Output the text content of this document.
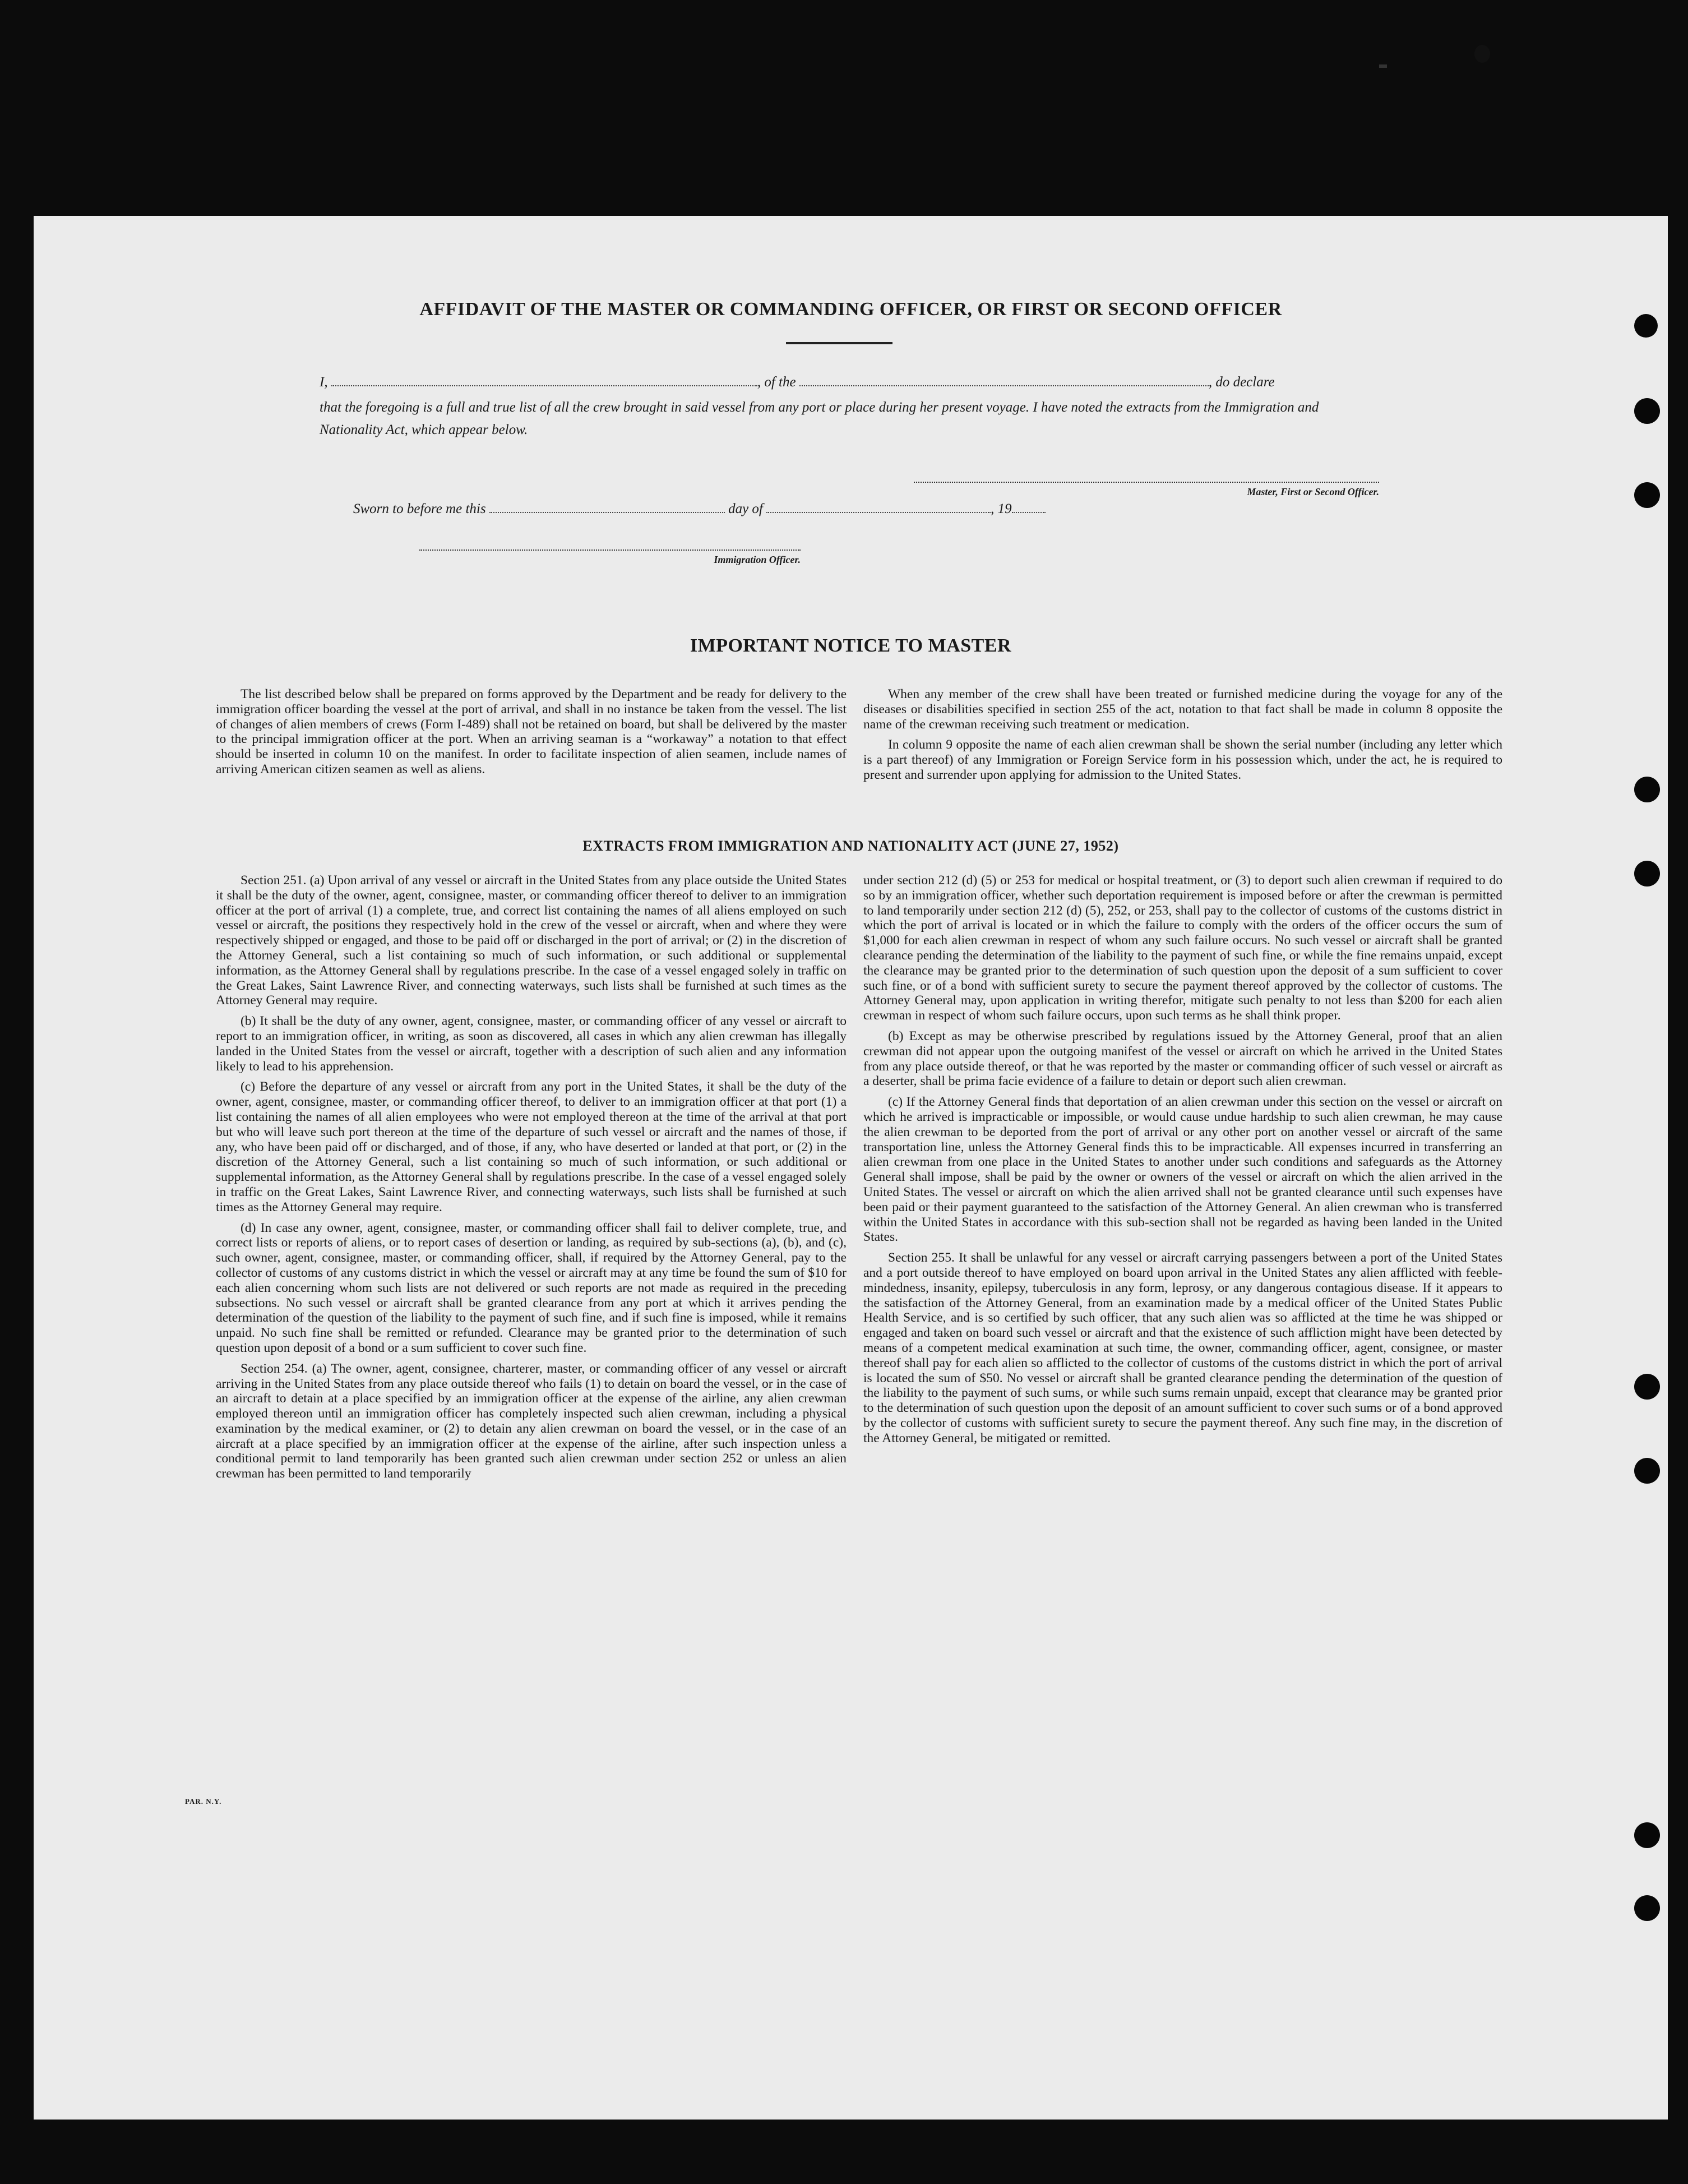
AFFIDAVIT OF THE MASTER OR COMMANDING OFFICER, OR FIRST OR SECOND OFFICER
I,	, of the	, do declare
that the foregoing is a full and true list of all the crew brought in said vessel from any port or place during her present voyage. I have noted the extracts from the Immigration and Nationality Act, which appear below.
Master, First or Second Officer.
Sworn to before me this	day of	, 19
Immigration Officer.
IMPORTANT NOTICE TO MASTER

The list described below shall be prepared on forms approved by the Department and be ready for delivery to the immigration officer boarding the vessel at the port of arrival, and shall in no instance be taken from the vessel. The list of changes of alien members of crews (Form I-489) shall not be retained on board, but shall be delivered by the master to the principal immigration officer at the port. When an arriving seaman is a “workaway” a notation to that effect should be inserted in column 10 on the manifest. In order to facilitate inspection of alien seamen, include names of arriving American citizen seamen as well as aliens.

When any member of the crew shall have been treated or furnished medicine during the voyage for any of the diseases or disabilities specified in section 255 of the act, notation to that fact shall be made in column 8 opposite the name of the crewman receiving such treatment or medication.

In column 9 opposite the name of each alien crewman shall be shown the serial number (including any letter which is a part thereof) of any Immigration or Foreign Service form in his possession which, under the act, he is required to present and surrender upon applying for admission to the United States.

EXTRACTS FROM IMMIGRATION AND NATIONALITY ACT (JUNE 27, 1952)

Section 251. (a) Upon arrival of any vessel or aircraft in the United States from any place outside the United States it shall be the duty of the owner, agent, consignee, master, or commanding officer thereof to deliver to an immigration officer at the port of arrival (1) a complete, true, and correct list containing the names of all aliens employed on such vessel or aircraft, the positions they respectively hold in the crew of the vessel or aircraft, when and where they were respectively shipped or engaged, and those to be paid off or discharged in the port of arrival; or (2) in the discretion of the Attorney General, such a list containing so much of such information, or such additional or supplemental information, as the Attorney General shall by regulations prescribe. In the case of a vessel engaged solely in traffic on the Great Lakes, Saint Lawrence River, and connecting waterways, such lists shall be furnished at such times as the Attorney General may require.

(b) It shall be the duty of any owner, agent, consignee, master, or commanding officer of any vessel or aircraft to report to an immigration officer, in writing, as soon as discovered, all cases in which any alien crewman has illegally landed in the United States from the vessel or aircraft, together with a description of such alien and any information likely to lead to his apprehension.

(c) Before the departure of any vessel or aircraft from any port in the United States, it shall be the duty of the owner, agent, consignee, master, or commanding officer thereof, to deliver to an immigration officer at that port (1) a list containing the names of all alien employees who were not employed thereon at the time of the arrival at that port but who will leave such port thereon at the time of the departure of such vessel or aircraft and the names of those, if any, who have been paid off or discharged, and of those, if any, who have deserted or landed at that port, or (2) in the discretion of the Attorney General, such a list containing so much of such information, or such additional or supplemental information, as the Attorney General shall by regulations prescribe. In the case of a vessel engaged solely in traffic on the Great Lakes, Saint Lawrence River, and connecting waterways, such lists shall be furnished at such times as the Attorney General may require.

(d) In case any owner, agent, consignee, master, or commanding officer shall fail to deliver complete, true, and correct lists or reports of aliens, or to report cases of desertion or landing, as required by sub-sections (a), (b), and (c), such owner, agent, consignee, master, or commanding officer, shall, if required by the Attorney General, pay to the collector of customs of any customs district in which the vessel or aircraft may at any time be found the sum of $10 for each alien concerning whom such lists are not delivered or such reports are not made as required in the preceding subsections. No such vessel or aircraft shall be granted clearance from any port at which it arrives pending the determination of the question of the liability to the payment of such fine, and if such fine is imposed, while it remains unpaid. No such fine shall be remitted or refunded. Clearance may be granted prior to the determination of such question upon deposit of a bond or a sum sufficient to cover such fine.

Section 254. (a) The owner, agent, consignee, charterer, master, or commanding officer of any vessel or aircraft arriving in the United States from any place outside thereof who fails (1) to detain on board the vessel, or in the case of an aircraft to detain at a place specified by an immigration officer at the expense of the airline, any alien crewman employed thereon until an immigration officer has completely inspected such alien crewman, including a physical examination by the medical examiner, or (2) to detain any alien crewman on board the vessel, or in the case of an aircraft at a place specified by an immigration officer at the expense of the airline, after such inspection unless a conditional permit to land temporarily has been granted such alien crewman under section 252 or unless an alien crewman has been permitted to land temporarily

under section 212 (d) (5) or 253 for medical or hospital treatment, or (3) to deport such alien crewman if required to do so by an immigration officer, whether such deportation requirement is imposed before or after the crewman is permitted to land temporarily under section 212 (d) (5), 252, or 253, shall pay to the collector of customs of the customs district in which the port of arrival is located or in which the failure to comply with the orders of the officer occurs the sum of $1,000 for each alien crewman in respect of whom any such failure occurs. No such vessel or aircraft shall be granted clearance pending the determination of the liability to the payment of such fine, or while the fine remains unpaid, except the clearance may be granted prior to the determination of such question upon the deposit of a sum sufficient to cover such fine, or of a bond with sufficient surety to secure the payment thereof approved by the collector of customs. The Attorney General may, upon application in writing therefor, mitigate such penalty to not less than $200 for each alien crewman in respect of whom such failure occurs, upon such terms as he shall think proper.

(b) Except as may be otherwise prescribed by regulations issued by the Attorney General, proof that an alien crewman did not appear upon the outgoing manifest of the vessel or aircraft on which he arrived in the United States from any place outside thereof, or that he was reported by the master or commanding officer of such vessel or aircraft as a deserter, shall be prima facie evidence of a failure to detain or deport such alien crewman.

(c) If the Attorney General finds that deportation of an alien crewman under this section on the vessel or aircraft on which he arrived is impracticable or impossible, or would cause undue hardship to such alien crewman, he may cause the alien crewman to be deported from the port of arrival or any other port on another vessel or aircraft of the same transportation line, unless the Attorney General finds this to be impracticable. All expenses incurred in transferring an alien crewman from one place in the United States to another under such conditions and safeguards as the Attorney General shall impose, shall be paid by the owner or owners of the vessel or aircraft on which the alien arrived in the United States. The vessel or aircraft on which the alien arrived shall not be granted clearance until such expenses have been paid or their payment guaranteed to the satisfaction of the Attorney General. An alien crewman who is transferred within the United States in accordance with this sub-section shall not be regarded as having been landed in the United States.

Section 255. It shall be unlawful for any vessel or aircraft carrying passengers between a port of the United States and a port outside thereof to have employed on board upon arrival in the United States any alien afflicted with feeble-mindedness, insanity, epilepsy, tuberculosis in any form, leprosy, or any dangerous contagious disease. If it appears to the satisfaction of the Attorney General, from an examination made by a medical officer of the United States Public Health Service, and is so certified by such officer, that any such alien was so afflicted at the time he was shipped or engaged and taken on board such vessel or aircraft and that the existence of such affliction might have been detected by means of a competent medical examination at such time, the owner, commanding officer, agent, consignee, or master thereof shall pay for each alien so afflicted to the collector of customs of the customs district in which the port of arrival is located the sum of $50. No vessel or aircraft shall be granted clearance pending the determination of the question of the liability to the payment of such sums, or while such sums remain unpaid, except that clearance may be granted prior to the determination of such question upon the deposit of an amount sufficient to cover such sums or of a bond approved by the collector of customs with sufficient surety to secure the payment thereof. Any such fine may, in the discretion of the Attorney General, be mitigated or remitted.

PAR. N.Y.
